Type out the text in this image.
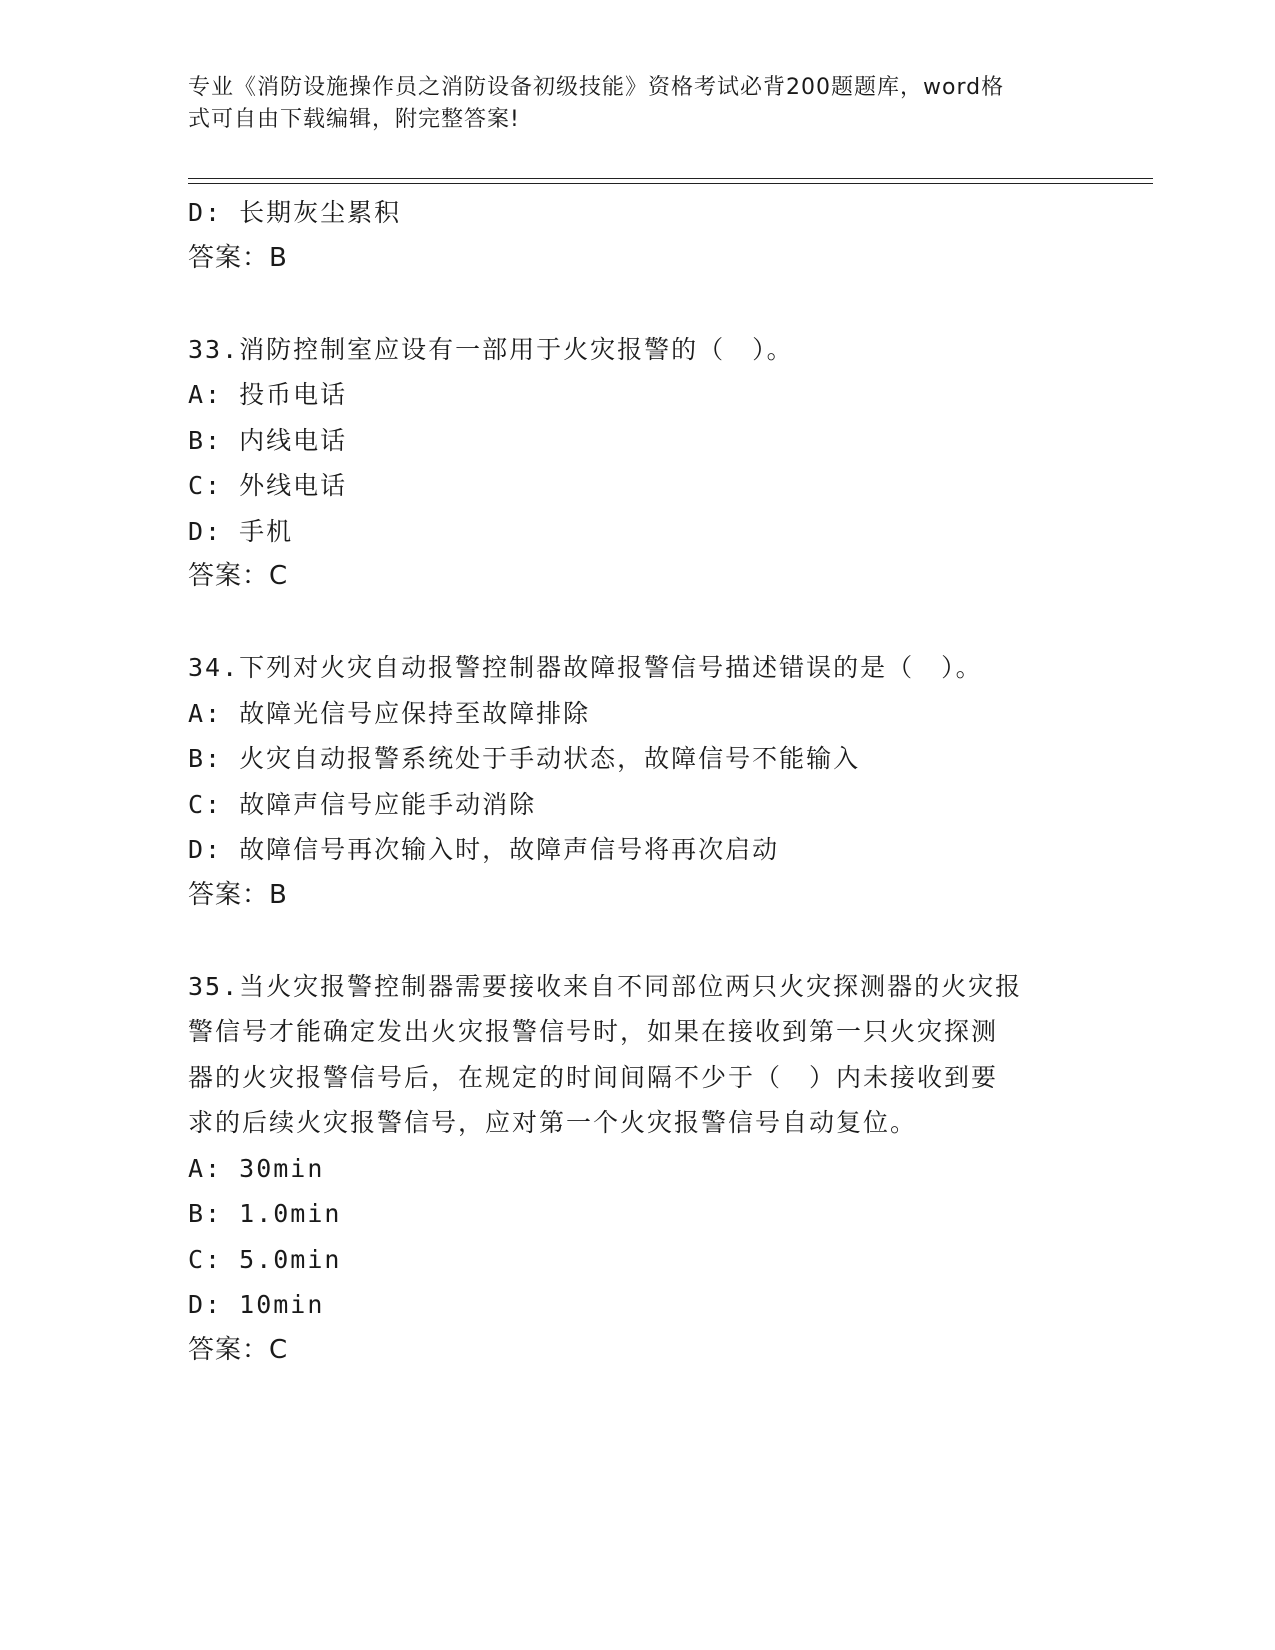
专业《消防设施操作员之消防设备初级技能》资格考试必背200题题库，word格
式可自由下载编辑，附完整答案!
D: 长期灰尘累积
答案：B
33.消防控制室应设有一部用于火灾报警的（　）。
A: 投币电话
B: 内线电话
C: 外线电话
D: 手机
答案：C
34.下列对火灾自动报警控制器故障报警信号描述错误的是（　）。
A: 故障光信号应保持至故障排除
B: 火灾自动报警系统处于手动状态，故障信号不能输入
C: 故障声信号应能手动消除
D: 故障信号再次输入时，故障声信号将再次启动
答案：B
35.当火灾报警控制器需要接收来自不同部位两只火灾探测器的火灾报
警信号才能确定发出火灾报警信号时，如果在接收到第一只火灾探测
器的火灾报警信号后，在规定的时间间隔不少于（　）内未接收到要
求的后续火灾报警信号，应对第一个火灾报警信号自动复位。
A: 30min
B: 1.0min
C: 5.0min
D: 10min
答案：C
